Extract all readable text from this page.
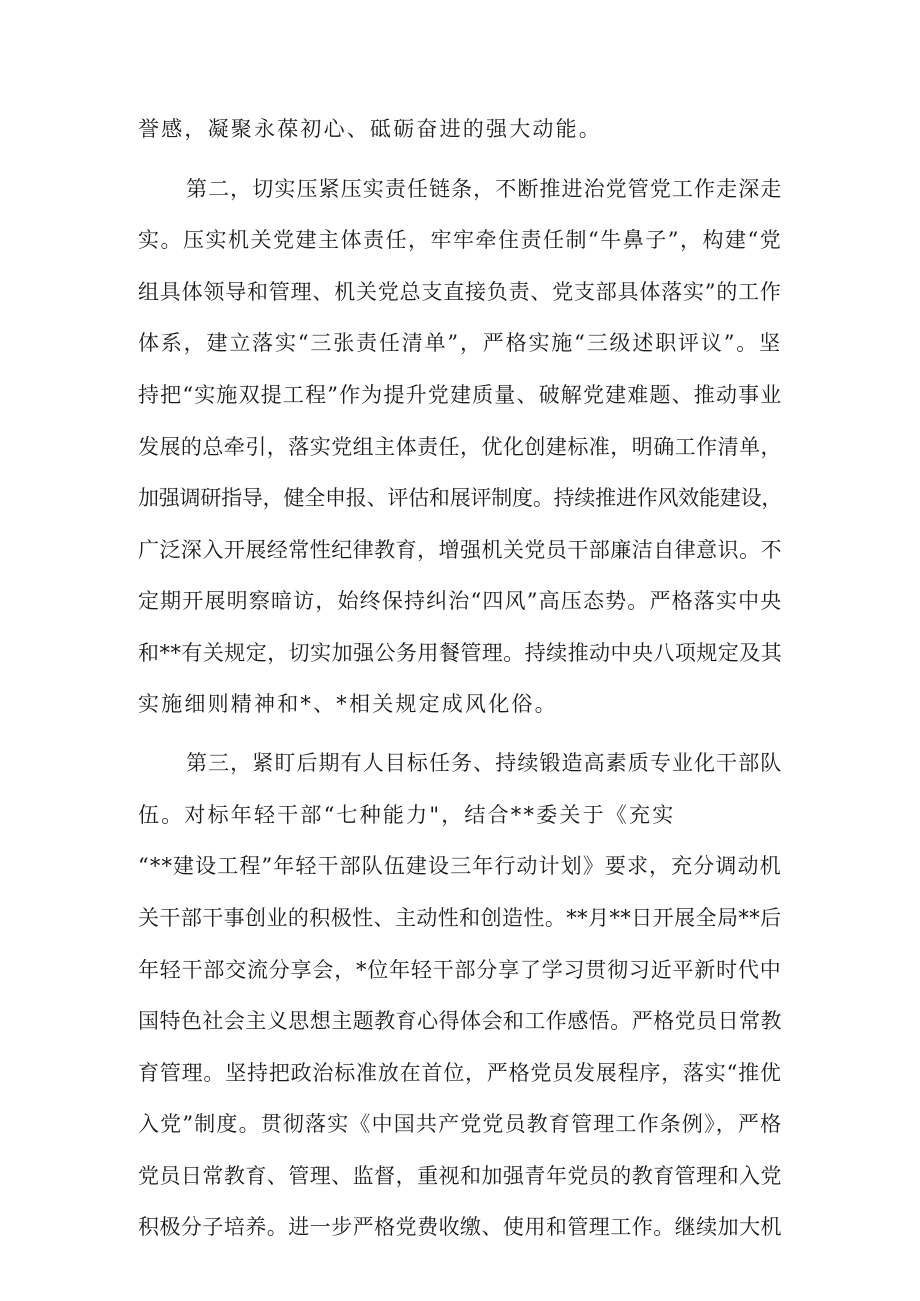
誉感，凝聚永葆初心、砥砺奋进的强大动能。
第二，切实压紧压实责任链条，不断推进治党管党工作走深走
实。压实机关党建主体责任，牢牢牵住责任制“牛鼻子”，构建“党
组具体领导和管理、机关党总支直接负责、党支部具体落实”的工作
体系，建立落实“三张责任清单”，严格实施“三级述职评议”。坚
持把“实施双提工程”作为提升党建质量、破解党建难题、推动事业
发展的总牵引，落实党组主体责任，优化创建标准，明确工作清单，
加强调研指导，健全申报、评估和展评制度。持续推进作风效能建设，
广泛深入开展经常性纪律教育，增强机关党员干部廉洁自律意识。不
定期开展明察暗访，始终保持纠治“四风”高压态势。严格落实中央
和**有关规定，切实加强公务用餐管理。持续推动中央八项规定及其
实施细则精神和*、*相关规定成风化俗。
第三，紧盯后期有人目标任务、持续锻造高素质专业化干部队
伍。对标年轻干部“七种能力"，结合**委关于《充实
“**建设工程”年轻干部队伍建设三年行动计划》要求，充分调动机
关干部干事创业的积极性、主动性和创造性。**月**日开展全局**后
年轻干部交流分享会，*位年轻干部分享了学习贯彻习近平新时代中
国特色社会主义思想主题教育心得体会和工作感悟。严格党员日常教
育管理。坚持把政治标准放在首位，严格党员发展程序，落实“推优
入党”制度。贯彻落实《中国共产党党员教育管理工作条例》，严格
党员日常教育、管理、监督，重视和加强青年党员的教育管理和入党
积极分子培养。进一步严格党费收缴、使用和管理工作。继续加大机
